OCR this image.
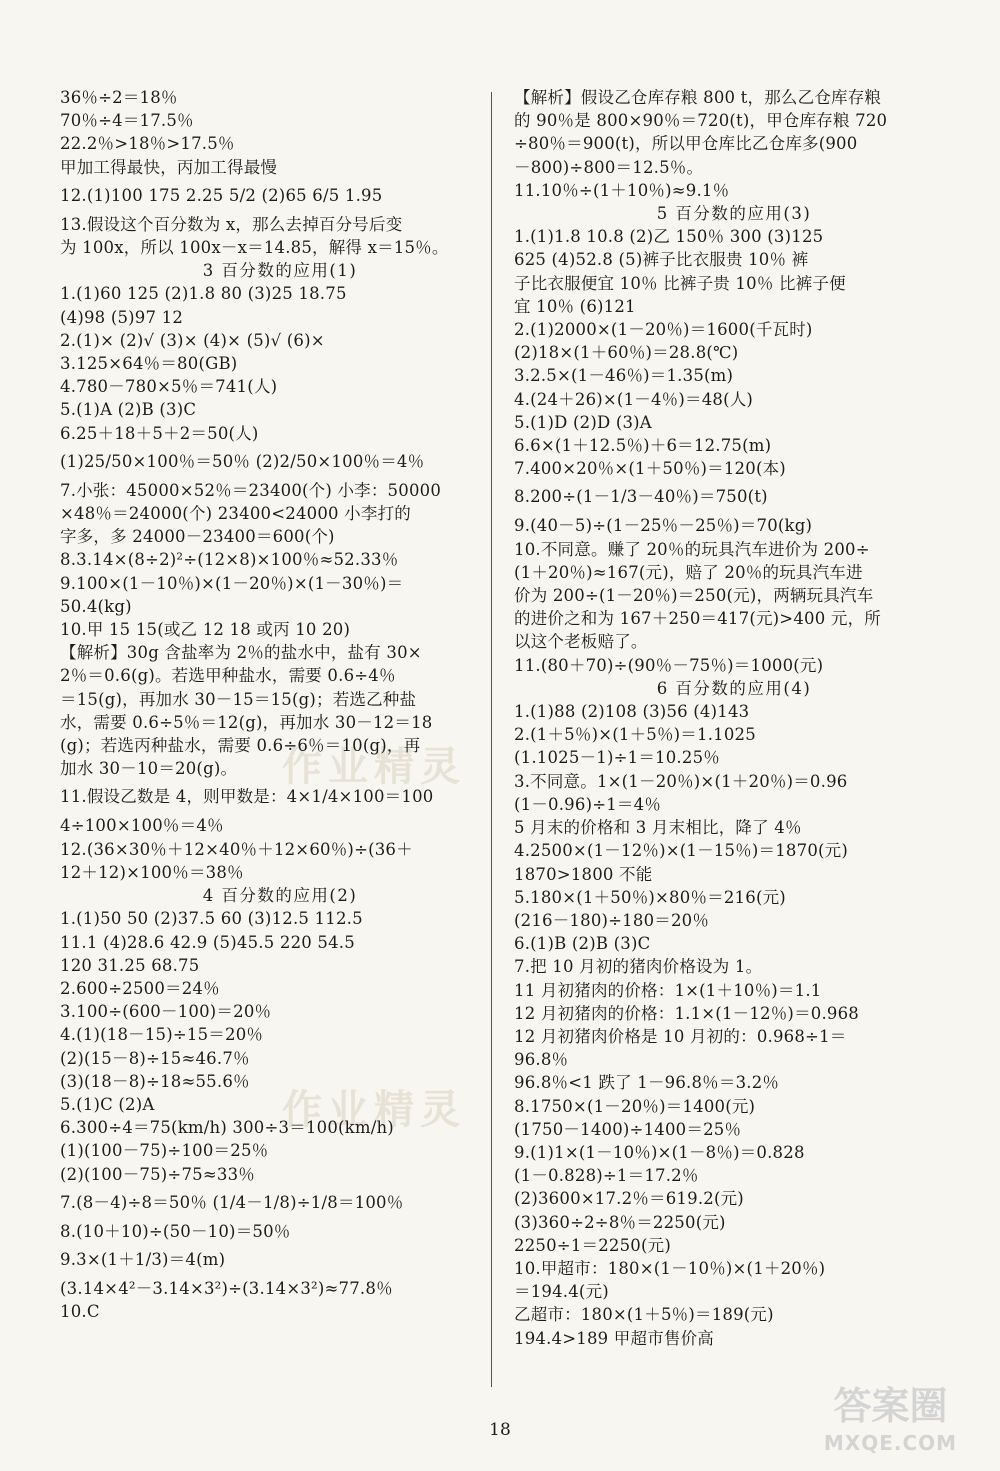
作业精灵
作业精灵
36％÷2＝18％
70％÷4＝17.5％
22.2％>18％>17.5％
甲加工得最快，丙加工得最慢
12.(1)100 175 2.25 5/2 (2)65 6/5 1.95
13.假设这个百分数为 x，那么去掉百分号后变
为 100x，所以 100x－x＝14.85，解得 x＝15％。
3 百分数的应用(1)
1.(1)60 125 (2)1.8 80 (3)25 18.75
(4)98 (5)97 12
2.(1)× (2)√ (3)× (4)× (5)√ (6)×
3.125×64％＝80(GB)
4.780－780×5％＝741(人)
5.(1)A (2)B (3)C
6.25＋18＋5＋2＝50(人)
(1)25/50×100％＝50％ (2)2/50×100％＝4％
7.小张：45000×52％＝23400(个) 小李：50000
×48％＝24000(个) 23400<24000 小李打的
字多，多 24000－23400＝600(个)
8.3.14×(8÷2)²÷(12×8)×100％≈52.33％
9.100×(1－10％)×(1－20％)×(1－30％)＝
50.4(kg)
10.甲 15 15(或乙 12 18 或丙 10 20)
【解析】30g 含盐率为 2％的盐水中，盐有 30×
2％＝0.6(g)。若选甲种盐水，需要 0.6÷4％
＝15(g)，再加水 30－15＝15(g)；若选乙种盐
水，需要 0.6÷5％＝12(g)，再加水 30－12＝18
(g)；若选丙种盐水，需要 0.6÷6％＝10(g)，再
加水 30－10＝20(g)。
11.假设乙数是 4，则甲数是：4×1/4×100＝100
4÷100×100％＝4％
12.(36×30％＋12×40％＋12×60％)÷(36＋
12＋12)×100％＝38％
4 百分数的应用(2)
1.(1)50 50 (2)37.5 60 (3)12.5 112.5
11.1 (4)28.6 42.9 (5)45.5 220 54.5
120 31.25 68.75
2.600÷2500＝24％
3.100÷(600－100)＝20％
4.(1)(18－15)÷15＝20％
(2)(15－8)÷15≈46.7％
(3)(18－8)÷18≈55.6％
5.(1)C (2)A
6.300÷4＝75(km/h) 300÷3＝100(km/h)
(1)(100－75)÷100＝25％
(2)(100－75)÷75≈33％
7.(8－4)÷8＝50％ (1/4－1/8)÷1/8＝100％
8.(10＋10)÷(50－10)＝50％
9.3×(1＋1/3)＝4(m)
(3.14×4²－3.14×3²)÷(3.14×3²)≈77.8％
10.C
【解析】假设乙仓库存粮 800 t，那么乙仓库存粮
的 90％是 800×90％＝720(t)，甲仓库存粮 720
÷80％＝900(t)，所以甲仓库比乙仓库多(900
－800)÷800＝12.5％。
11.10％÷(1＋10％)≈9.1％
5 百分数的应用(3)
1.(1)1.8 10.8 (2)乙 150％ 300 (3)125
625 (4)52.8 (5)裤子比衣服贵 10％ 裤
子比衣服便宜 10％ 比裤子贵 10％ 比裤子便
宜 10％ (6)121
2.(1)2000×(1－20％)＝1600(千瓦时)
(2)18×(1＋60％)＝28.8(℃)
3.2.5×(1－46％)＝1.35(m)
4.(24＋26)×(1－4％)＝48(人)
5.(1)D (2)D (3)A
6.6×(1＋12.5％)＋6＝12.75(m)
7.400×20％×(1＋50％)＝120(本)
8.200÷(1－1/3－40％)＝750(t)
9.(40－5)÷(1－25％－25％)＝70(kg)
10.不同意。赚了 20％的玩具汽车进价为 200÷
(1＋20％)≈167(元)，赔了 20％的玩具汽车进
价为 200÷(1－20％)＝250(元)，两辆玩具汽车
的进价之和为 167＋250＝417(元)>400 元，所
以这个老板赔了。
11.(80＋70)÷(90％－75％)＝1000(元)
6 百分数的应用(4)
1.(1)88 (2)108 (3)56 (4)143
2.(1＋5％)×(1＋5％)＝1.1025
(1.1025－1)÷1＝10.25％
3.不同意。1×(1－20％)×(1＋20％)＝0.96
(1－0.96)÷1＝4％
5 月末的价格和 3 月末相比，降了 4％
4.2500×(1－12％)×(1－15％)＝1870(元)
1870>1800 不能
5.180×(1＋50％)×80％＝216(元)
(216－180)÷180＝20％
6.(1)B (2)B (3)C
7.把 10 月初的猪肉价格设为 1。
11 月初猪肉的价格：1×(1＋10％)＝1.1
12 月初猪肉的价格：1.1×(1－12％)＝0.968
12 月初猪肉价格是 10 月初的：0.968÷1＝
96.8％
96.8％<1 跌了 1－96.8％＝3.2％
8.1750×(1－20％)＝1400(元)
(1750－1400)÷1400＝25％
9.(1)1×(1－10％)×(1－8％)＝0.828
(1－0.828)÷1＝17.2％
(2)3600×17.2％＝619.2(元)
(3)360÷2÷8％＝2250(元)
2250÷1＝2250(元)
10.甲超市：180×(1－10％)×(1＋20％)
＝194.4(元)
乙超市：180×(1＋5％)＝189(元)
194.4>189 甲超市售价高
18
答案圈
MXQE.COM
